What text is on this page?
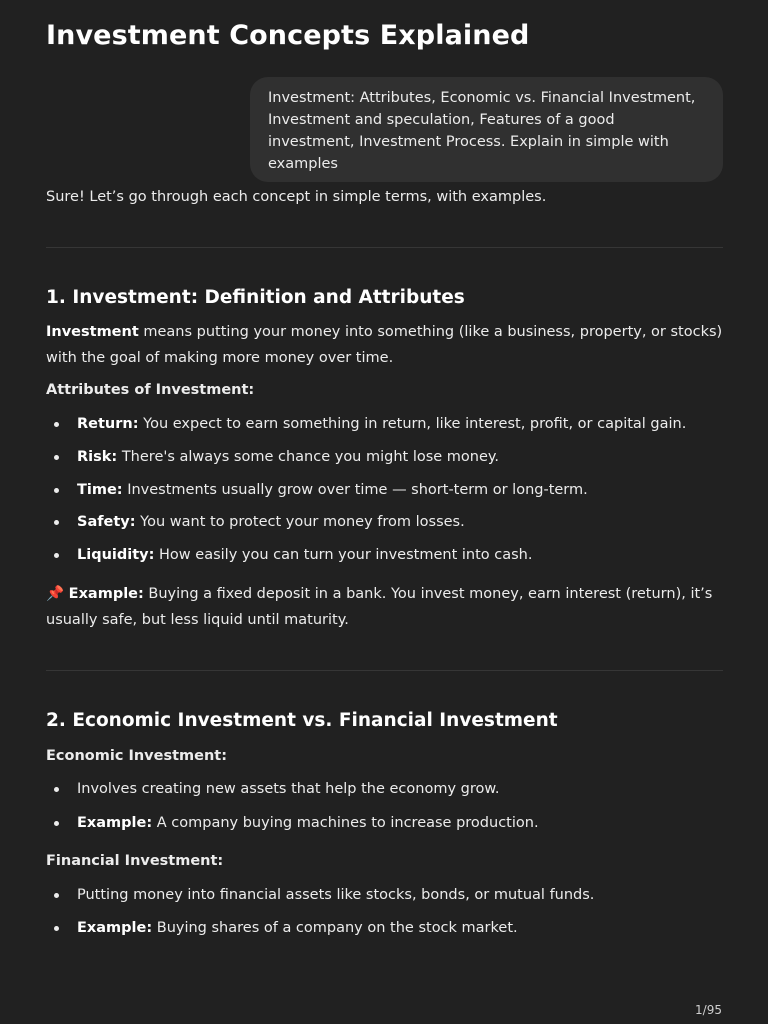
Investment Concepts Explained
Investment: Attributes, Economic vs. Financial Investment, Investment and speculation, Features of a good investment, Investment Process. Explain in simple with examples
Sure! Let’s go through each concept in simple terms, with examples.
1. Investment: Definition and Attributes
Investment means putting your money into something (like a business, property, or stocks) with the goal of making more money over time.
Attributes of Investment:
Return: You expect to earn something in return, like interest, profit, or capital gain.
Risk: There's always some chance you might lose money.
Time: Investments usually grow over time — short-term or long-term.
Safety: You want to protect your money from losses.
Liquidity: How easily you can turn your investment into cash.
📌 Example: Buying a fixed deposit in a bank. You invest money, earn interest (return), it’s usually safe, but less liquid until maturity.
2. Economic Investment vs. Financial Investment
Economic Investment:
Involves creating new assets that help the economy grow.
Example: A company buying machines to increase production.
Financial Investment:
Putting money into financial assets like stocks, bonds, or mutual funds.
Example: Buying shares of a company on the stock market.
1/95
